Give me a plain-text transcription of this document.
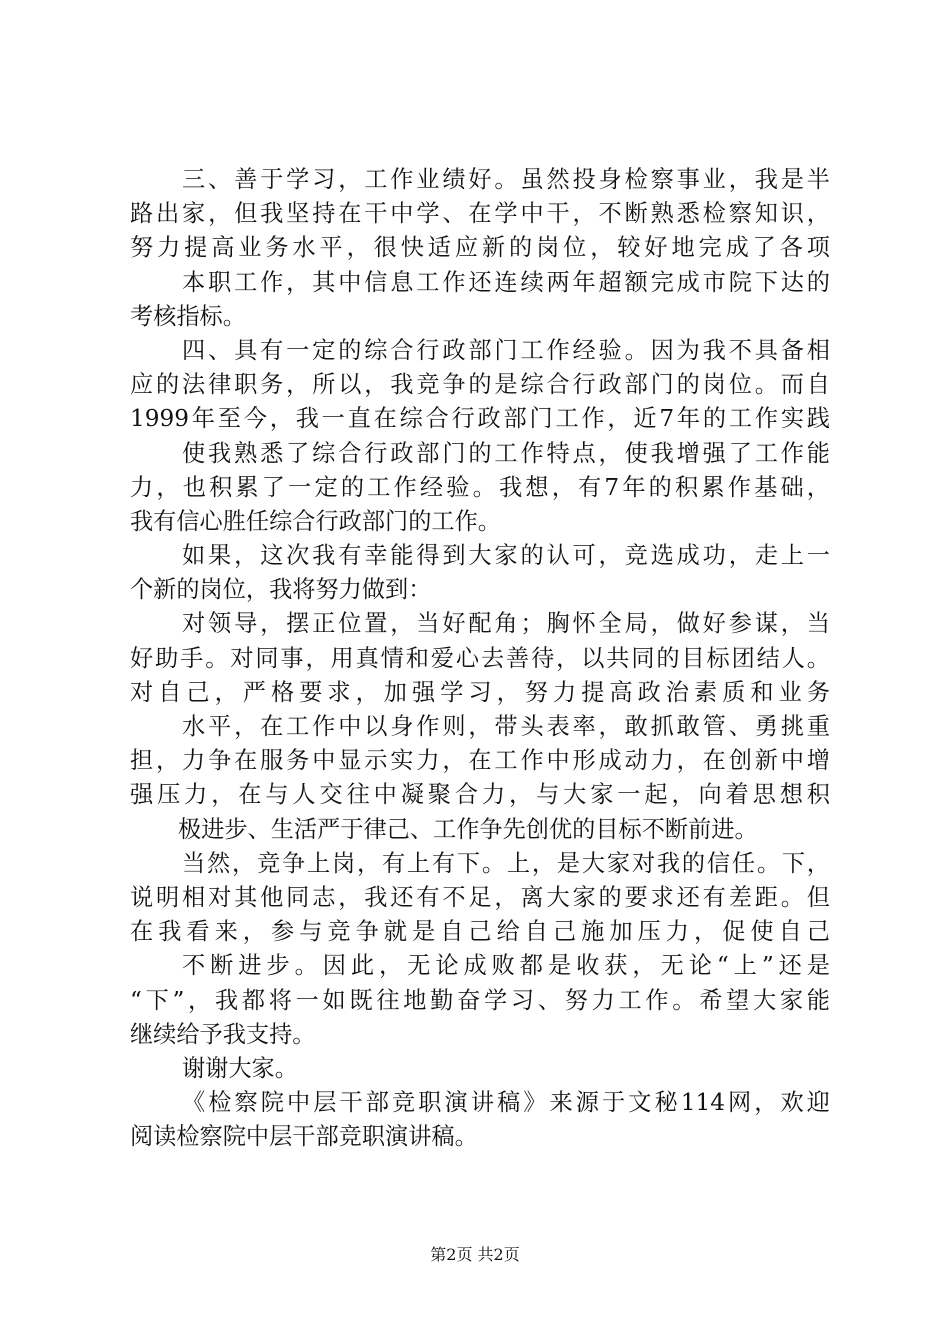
三、善于学习，工作业绩好。虽然投身检察事业，我是半
路出家，但我坚持在干中学、在学中干，不断熟悉检察知识，
努力提高业务水平，很快适应新的岗位，较好地完成了各项
本职工作，其中信息工作还连续两年超额完成市院下达的
考核指标。
四、具有一定的综合行政部门工作经验。因为我不具备相
应的法律职务，所以，我竞争的是综合行政部门的岗位。而自
1999年至今，我一直在综合行政部门工作，近7年的工作实践
使我熟悉了综合行政部门的工作特点，使我增强了工作能
力，也积累了一定的工作经验。我想，有7年的积累作基础，
我有信心胜任综合行政部门的工作。
如果，这次我有幸能得到大家的认可，竞选成功，走上一
个新的岗位，我将努力做到：
对领导，摆正位置，当好配角；胸怀全局，做好参谋，当
好助手。对同事，用真情和爱心去善待，以共同的目标团结人。
对自己，严格要求，加强学习，努力提高政治素质和业务
水平，在工作中以身作则，带头表率，敢抓敢管、勇挑重
担，力争在服务中显示实力，在工作中形成动力，在创新中增
强压力，在与人交往中凝聚合力，与大家一起，向着思想积
极进步、生活严于律己、工作争先创优的目标不断前进。
当然，竞争上岗，有上有下。上，是大家对我的信任。下，
说明相对其他同志，我还有不足，离大家的要求还有差距。但
在我看来，参与竞争就是自己给自己施加压力，促使自己
不断进步。因此，无论成败都是收获，无论“上”还是
“下”，我都将一如既往地勤奋学习、努力工作。希望大家能
继续给予我支持。
谢谢大家。
《检察院中层干部竞职演讲稿》来源于文秘114网，欢迎
阅读检察院中层干部竞职演讲稿。
第2页 共2页
